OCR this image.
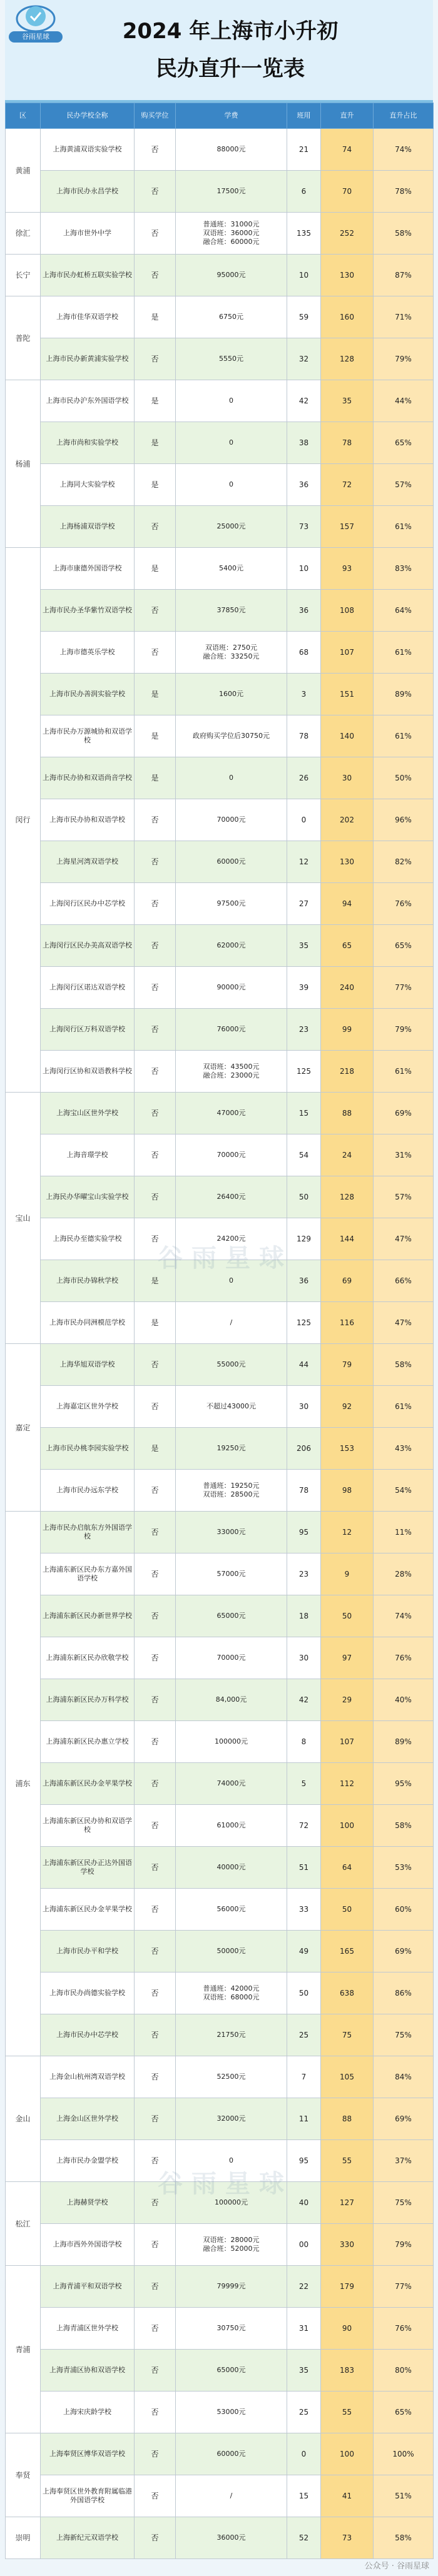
谷雨星球	2024 年上海市小升初
民办直升一览表
区	民办学校全称	购买学位	学费	班用	直升	直升占比
黄浦	上海黄浦双语实验学校	否	88000元	21	74	74%
	上海市民办永昌学校	否	17500元	6	70	78%
徐汇	上海市世外中学	否	普通班：31000元
双语班：36000元
融合班：60000元	135	252	58%
长宁	上海市民办虹桥五联实验学校	否	95000元	10	130	87%
普陀	上海市佳华双语学校	是	6750元	59	160	71%
	上海市民办新黄浦实验学校	否	5550元	32	128	79%
杨浦	上海市民办沪东外国语学校	是	0	42	35	44%
	上海市尚和实验学校	是	0	38	78	65%
	上海同大实验学校	是	0	36	72	57%
	上海杨浦双语学校	否	25000元	73	157	61%
闵行	上海市康德外国语学校	是	5400元	10	93	83%
	上海市民办圣华紫竹双语学校	否	37850元	36	108	64%
	上海市德英乐学校	否	双语班：2750元
融合班：33250元	68	107	61%
	上海市民办善润实验学校	是	1600元	3	151	89%
	上海市民办万源城协和双语学校	是	政府购买学位后30750元	78	140	61%
	上海市民办协和双语尚音学校	是	0	26	30	50%
	上海市民办协和双语学校	否	70000元	0	202	96%
	上海星河湾双语学校	否	60000元	12	130	82%
	上海闵行区民办中芯学校	否	97500元	27	94	76%
	上海闵行区民办美高双语学校	否	62000元	35	65	65%
	上海闵行区诺达双语学校	否	90000元	39	240	77%
	上海闵行区万科双语学校	否	76000元	23	99	79%
	上海闵行区协和双语教科学校	否	双语班：43500元
融合班：23000元	125	218	61%
宝山	上海宝山区世外学校	否	47000元	15	88	69%
	上海音璟学校	否	70000元	54	24	31%
	上海民办华曜宝山实验学校	否	26400元	50	128	57%
	上海民办至德实验学校	否	24200元	129	144	47%
	上海市民办锦秋学校	是	0	36	69	66%
	上海市民办同洲模范学校	是	/	125	116	47%
嘉定	上海华旭双语学校	否	55000元	44	79	58%
	上海嘉定区世外学校	否	不超过43000元	30	92	61%
	上海市民办桃李园实验学校	是	19250元	206	153	43%
	上海市民办远东学校	否	普通班：19250元
双语班：28500元	78	98	54%
浦东	上海市民办启航东方外国语学校	否	33000元	95	12	11%
	上海浦东新区民办东方嘉外国语学校	否	57000元	23	9	28%
	上海浦东新区民办新世界学校	否	65000元	18	50	74%
	上海浦东新区民办欣敬学校	否	70000元	30	97	76%
	上海浦东新区民办万科学校	否	84,000元	42	29	40%
	上海浦东新区民办惠立学校	否	100000元	8	107	89%
	上海浦东新区民办金苹果学校	否	74000元	5	112	95%
	上海浦东新区民办协和双语学校	否	61000元	72	100	58%
	上海浦东新区民办正达外国语学校	否	40000元	51	64	53%
	上海浦东新区民办金苹果学校	否	56000元	33	50	60%
	上海市民办平和学校	否	50000元	49	165	69%
	上海市民办尚德实验学校	否	普通班：42000元
双语班：68000元	50	638	86%
	上海市民办中芯学校	否	21750元	25	75	75%
金山	上海金山杭州湾双语学校	否	52500元	7	105	84%
	上海金山区世外学校	否	32000元	11	88	69%
	上海市民办金盟学校	否	0	95	55	37%
松江	上海赫贤学校	否	100000元	40	127	75%
	上海市西外外国语学校	否	双语班：28000元
融合班：52000元	00	330	79%
青浦	上海青浦平和双语学校	否	79999元	22	179	77%
	上海青浦区世外学校	否	30750元	31	90	76%
	上海青浦区协和双语学校	否	65000元	35	183	80%
	上海宋庆龄学校	否	53000元	25	55	65%
奉贤	上海奉贤区博华双语学校	否	60000元	0	100	100%
	上海奉贤区世外教育附属临港外国语学校	否	/	15	41	51%
崇明	上海新纪元双语学校	否	36000元	52	73	58%
公众号 · 谷雨星球
